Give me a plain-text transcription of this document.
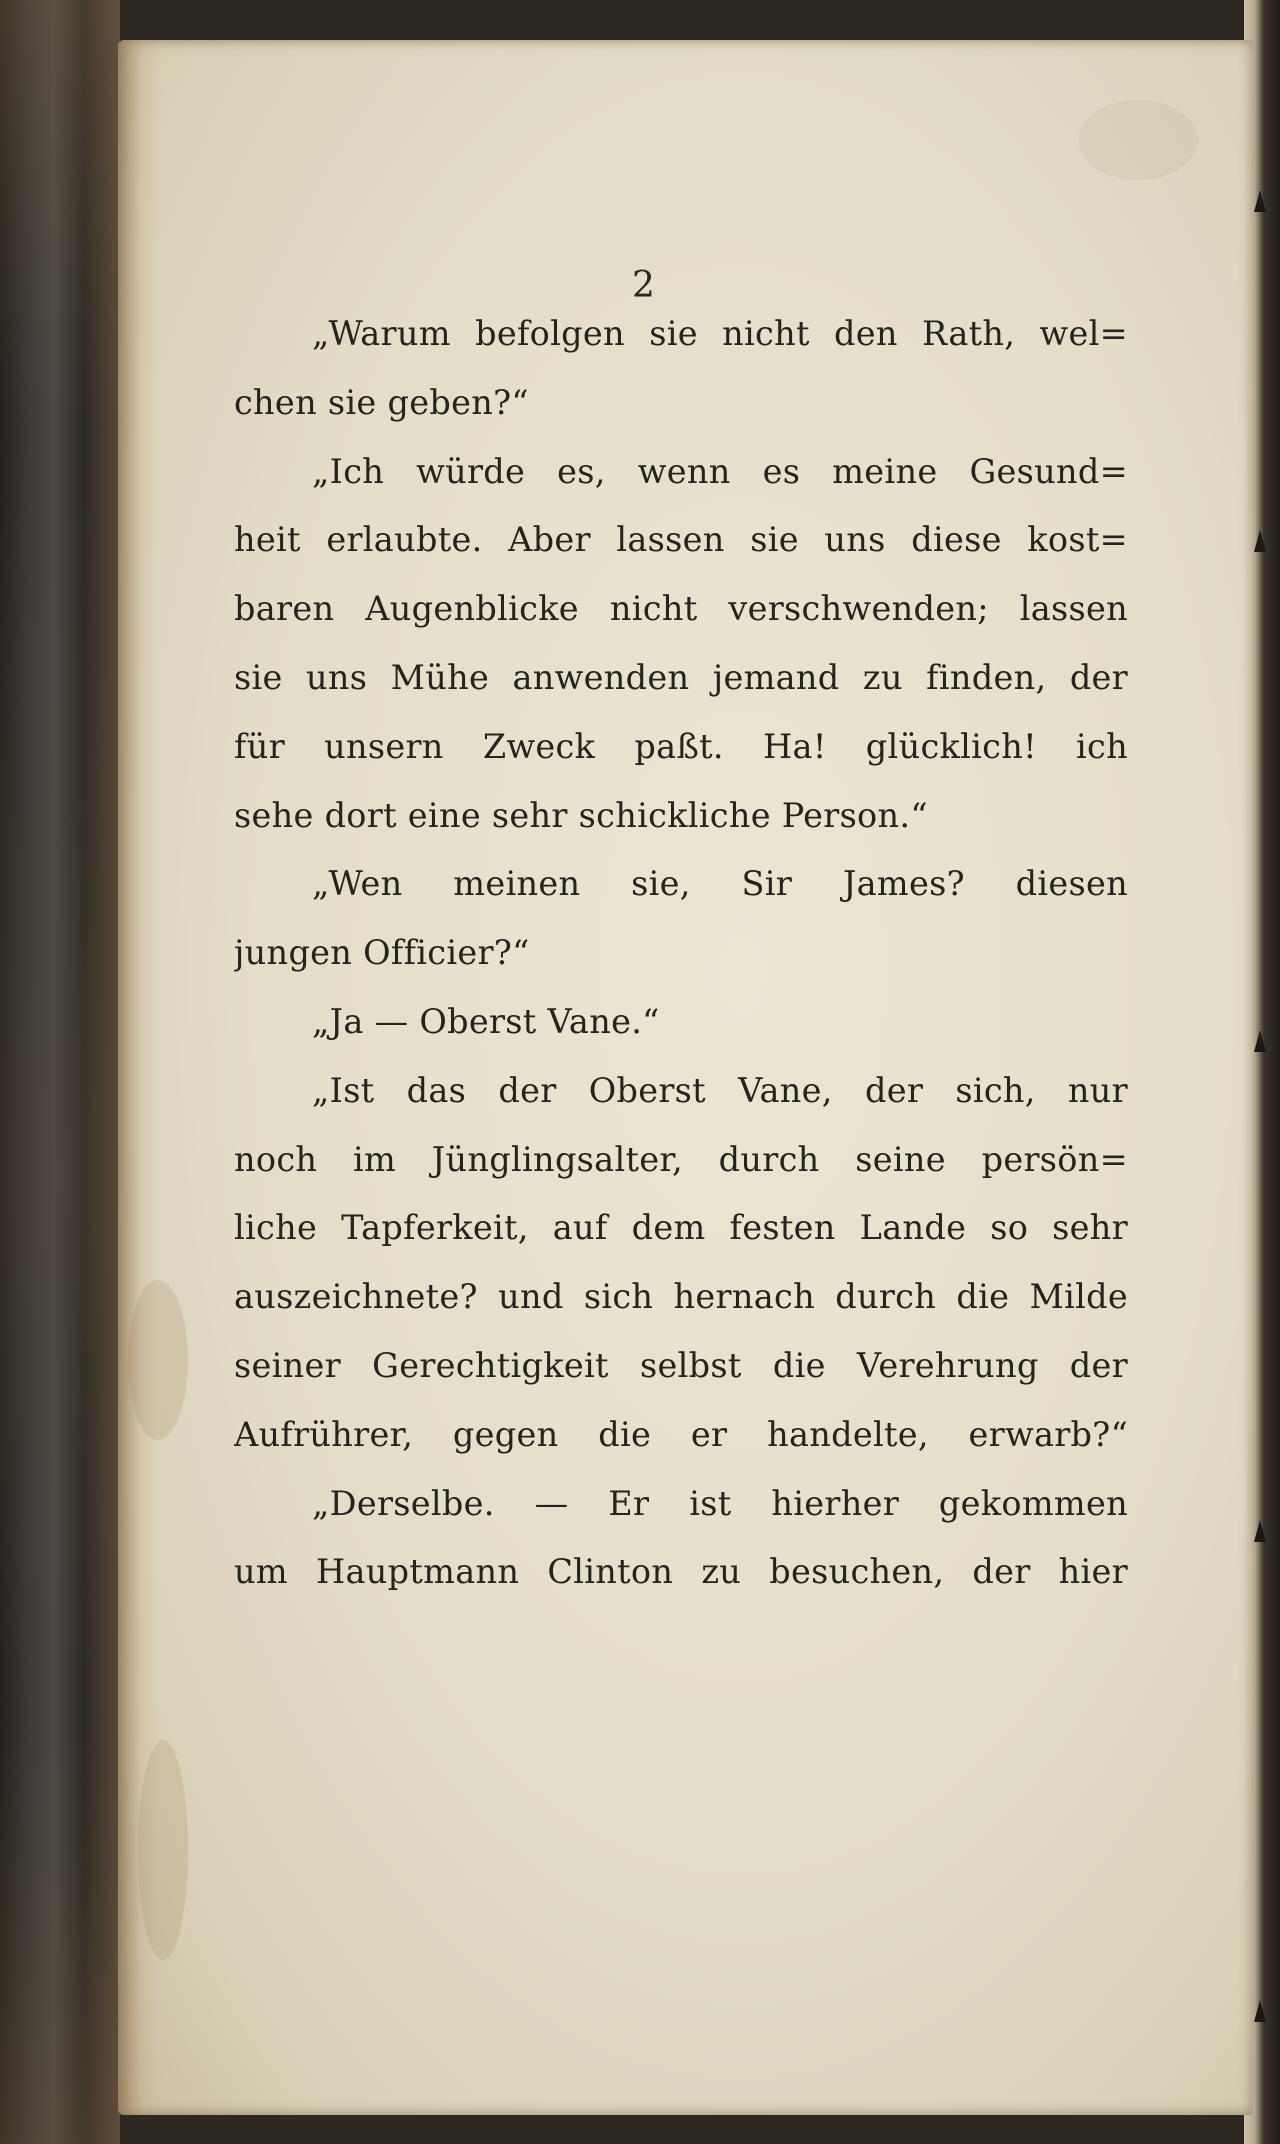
2
„Warum befolgen sie nicht den Rath, wel=
chen sie geben?“
„Ich würde es, wenn es meine Gesund=
heit erlaubte. Aber lassen sie uns diese kost=
baren Augenblicke nicht verschwenden; lassen
sie uns Mühe anwenden jemand zu finden, der
für unsern Zweck paßt. Ha! glücklich! ich
sehe dort eine sehr schickliche Person.“
„Wen meinen sie, Sir James? diesen
jungen Officier?“
„Ja — Oberst Vane.“
„Ist das der Oberst Vane, der sich, nur
noch im Jünglingsalter, durch seine persön=
liche Tapferkeit, auf dem festen Lande so sehr
auszeichnete? und sich hernach durch die Milde
seiner Gerechtigkeit selbst die Verehrung der
Aufrührer, gegen die er handelte, erwarb?“
„Derselbe. — Er ist hierher gekommen
um Hauptmann Clinton zu besuchen, der hier
